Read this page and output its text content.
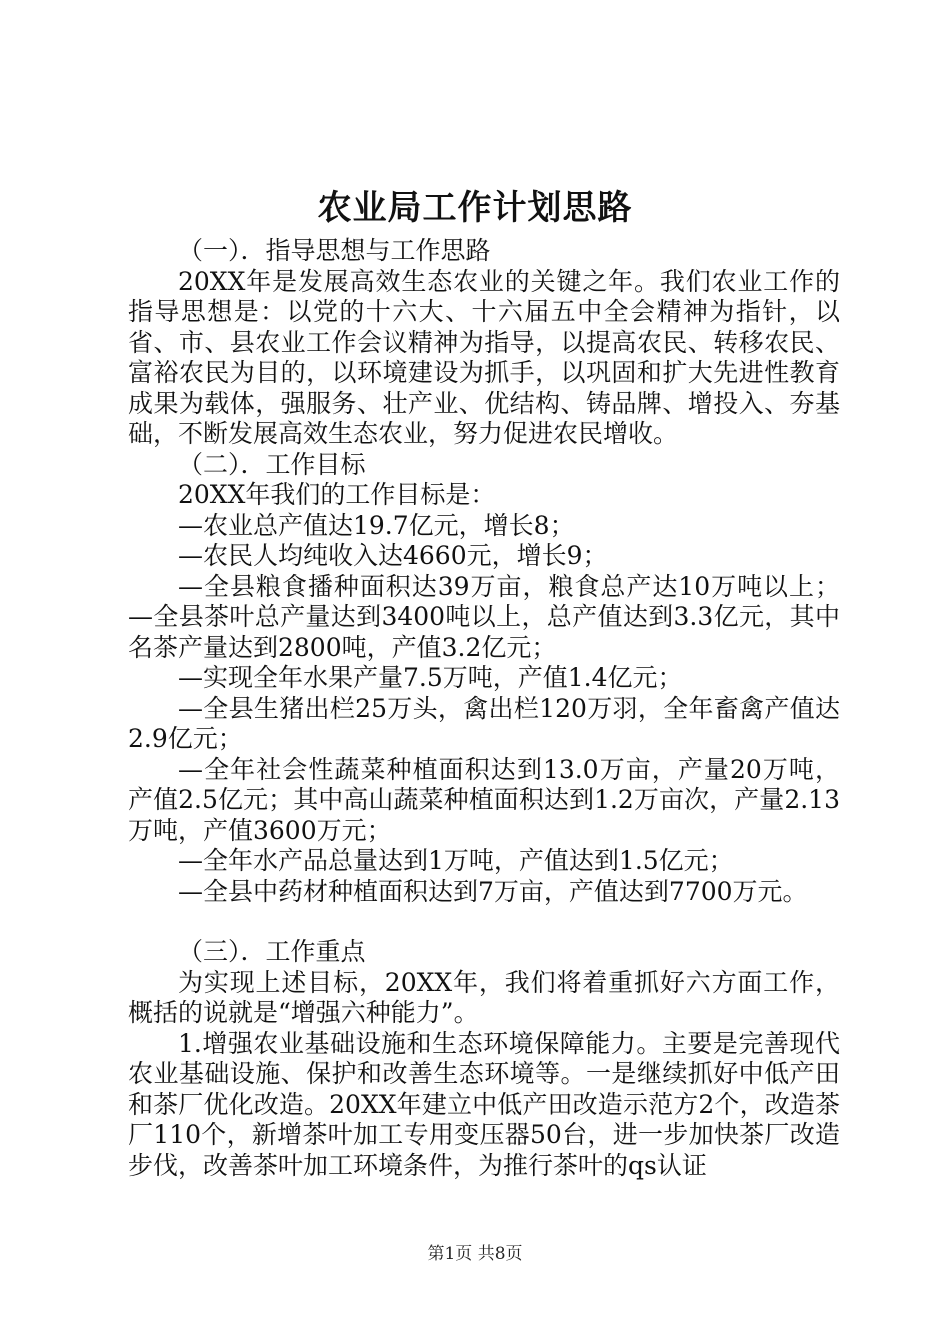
农业局工作计划思路

（一）．指导思想与工作思路

20XX年是发展高效生态农业的关键之年。我们农业工作的指导思想是：以党的十六大、十六届五中全会精神为指针，以省、市、县农业工作会议精神为指导，以提高农民、转移农民、富裕农民为目的，以环境建设为抓手，以巩固和扩大先进性教育成果为载体，强服务、壮产业、优结构、铸品牌、增投入、夯基础，不断发展高效生态农业，努力促进农民增收。

（二）．工作目标

20XX年我们的工作目标是：

—农业总产值达19.7亿元，增长8；

—农民人均纯收入达4660元，增长9；

—全县粮食播种面积达39万亩，粮食总产达10万吨以上；—全县茶叶总产量达到3400吨以上，总产值达到3.3亿元，其中名茶产量达到2800吨，产值3.2亿元；

—实现全年水果产量7.5万吨，产值1.4亿元；

—全县生猪出栏25万头，禽出栏120万羽，全年畜禽产值达2.9亿元；

—全年社会性蔬菜种植面积达到13.0万亩，产量20万吨，产值2.5亿元；其中高山蔬菜种植面积达到1.2万亩次，产量2.13万吨，产值3600万元；

—全年水产品总量达到1万吨，产值达到1.5亿元；

—全县中药材种植面积达到7万亩，产值达到7700万元。

（三）．工作重点

为实现上述目标，20XX年，我们将着重抓好六方面工作，概括的说就是“增强六种能力”。

1.增强农业基础设施和生态环境保障能力。主要是完善现代农业基础设施、保护和改善生态环境等。一是继续抓好中低产田和茶厂优化改造。20XX年建立中低产田改造示范方2个，改造茶厂110个，新增茶叶加工专用变压器50台，进一步加快茶厂改造步伐，改善茶叶加工环境条件，为推行茶叶的qs认证

第1页 共8页
